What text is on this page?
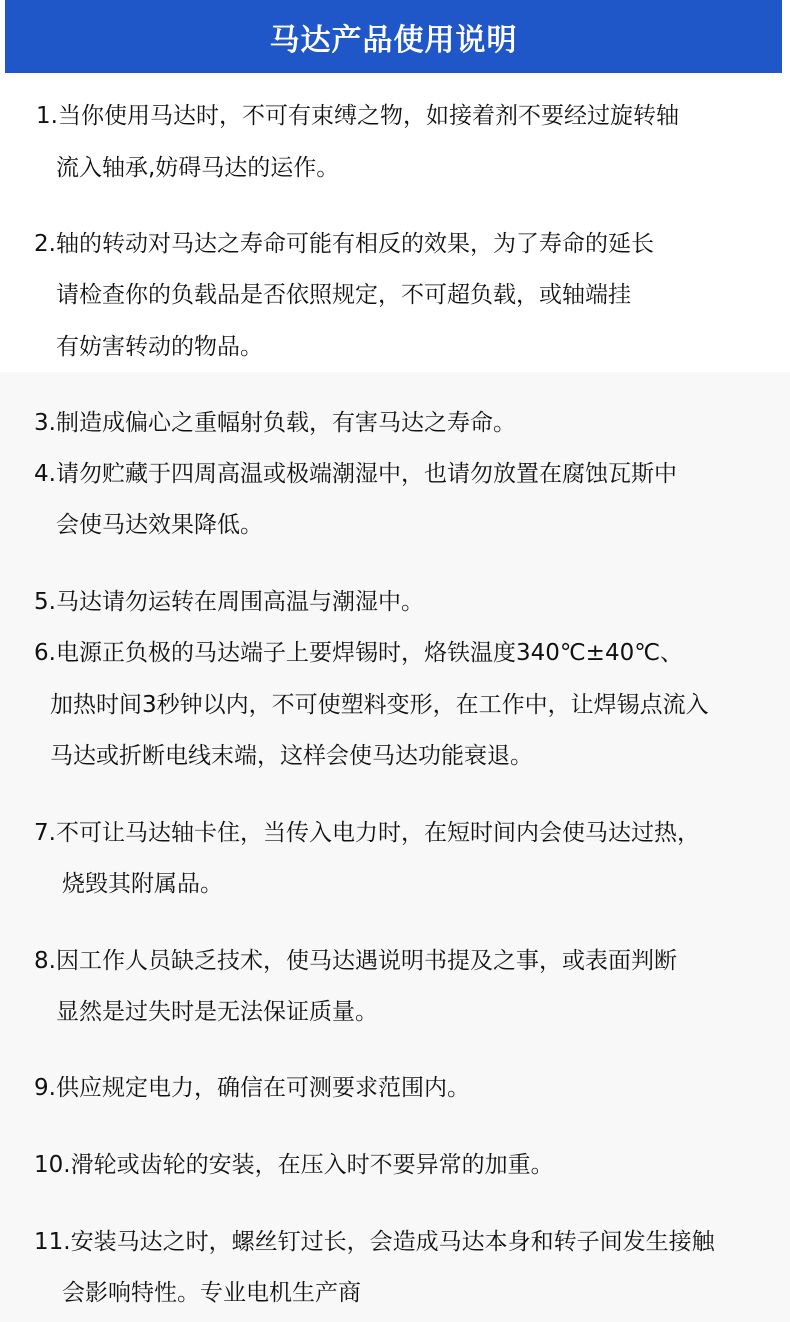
马达产品使用说明
1.当你使用马达时，不可有束缚之物，如接着剂不要经过旋转轴
流入轴承,妨碍马达的运作。
2.轴的转动对马达之寿命可能有相反的效果，为了寿命的延长
请检查你的负载品是否依照规定，不可超负载，或轴端挂
有妨害转动的物品。
3.制造成偏心之重幅射负载，有害马达之寿命。
4.请勿贮藏于四周高温或极端潮湿中，也请勿放置在腐蚀瓦斯中
会使马达效果降低。
5.马达请勿运转在周围高温与潮湿中。
6.电源正负极的马达端子上要焊锡时，烙铁温度340℃±40℃、
加热时间3秒钟以内，不可使塑料变形，在工作中，让焊锡点流入
马达或折断电线末端，这样会使马达功能衰退。
7.不可让马达轴卡住，当传入电力时，在短时间内会使马达过热，
烧毁其附属品。
8.因工作人员缺乏技术，使马达遇说明书提及之事，或表面判断
显然是过失时是无法保证质量。
9.供应规定电力，确信在可测要求范围内。
10.滑轮或齿轮的安装，在压入时不要异常的加重。
11.安装马达之时，螺丝钉过长，会造成马达本身和转子间发生接触
会影响特性。专业电机生产商
